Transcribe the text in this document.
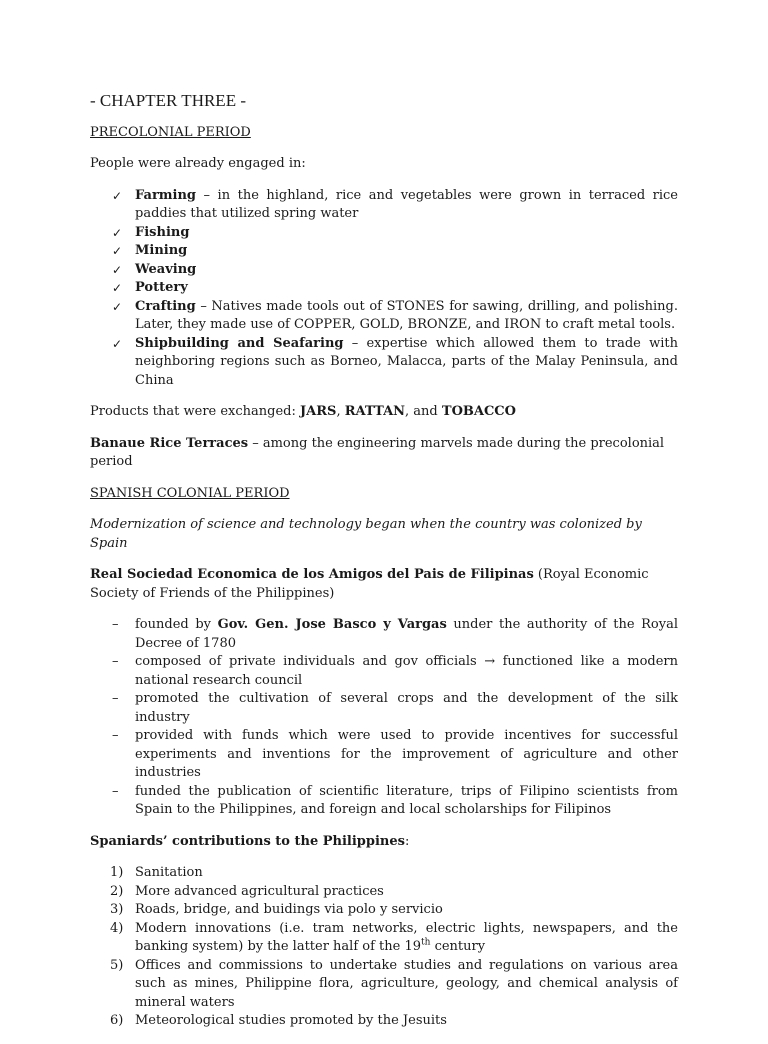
- CHAPTER THREE -
PRECOLONIAL PERIOD

People were already engaged in:

✓ Farming – in the highland, rice and vegetables were grown in terraced rice paddies that utilized spring water
✓ Fishing
✓ Mining
✓ Weaving
✓ Pottery
✓ Crafting – Natives made tools out of STONES for sawing, drilling, and polishing. Later, they made use of COPPER, GOLD, BRONZE, and IRON to craft metal tools.
✓ Shipbuilding and Seafaring – expertise which allowed them to trade with neighboring regions such as Borneo, Malacca, parts of the Malay Peninsula, and China

Products that were exchanged: JARS, RATTAN, and TOBACCO

Banaue Rice Terraces – among the engineering marvels made during the precolonial period

SPANISH COLONIAL PERIOD

Modernization of science and technology began when the country was colonized by Spain

Real Sociedad Economica de los Amigos del Pais de Filipinas (Royal Economic Society of Friends of the Philippines)

– founded by Gov. Gen. Jose Basco y Vargas under the authority of the Royal Decree of 1780
– composed of private individuals and gov officials → functioned like a modern national research council
– promoted the cultivation of several crops and the development of the silk industry
– provided with funds which were used to provide incentives for successful experiments and inventions for the improvement of agriculture and other industries
– funded the publication of scientific literature, trips of Filipino scientists from Spain to the Philippines, and foreign and local scholarships for Filipinos

Spaniards’ contributions to the Philippines:

1) Sanitation
2) More advanced agricultural practices
3) Roads, bridge, and buidings via polo y servicio
4) Modern innovations (i.e. tram networks, electric lights, newspapers, and the banking system) by the latter half of the 19th century
5) Offices and commissions to undertake studies and regulations on various area such as mines, Philippine flora, agriculture, geology, and chemical analysis of mineral waters
6) Meteorological studies promoted by the Jesuits
